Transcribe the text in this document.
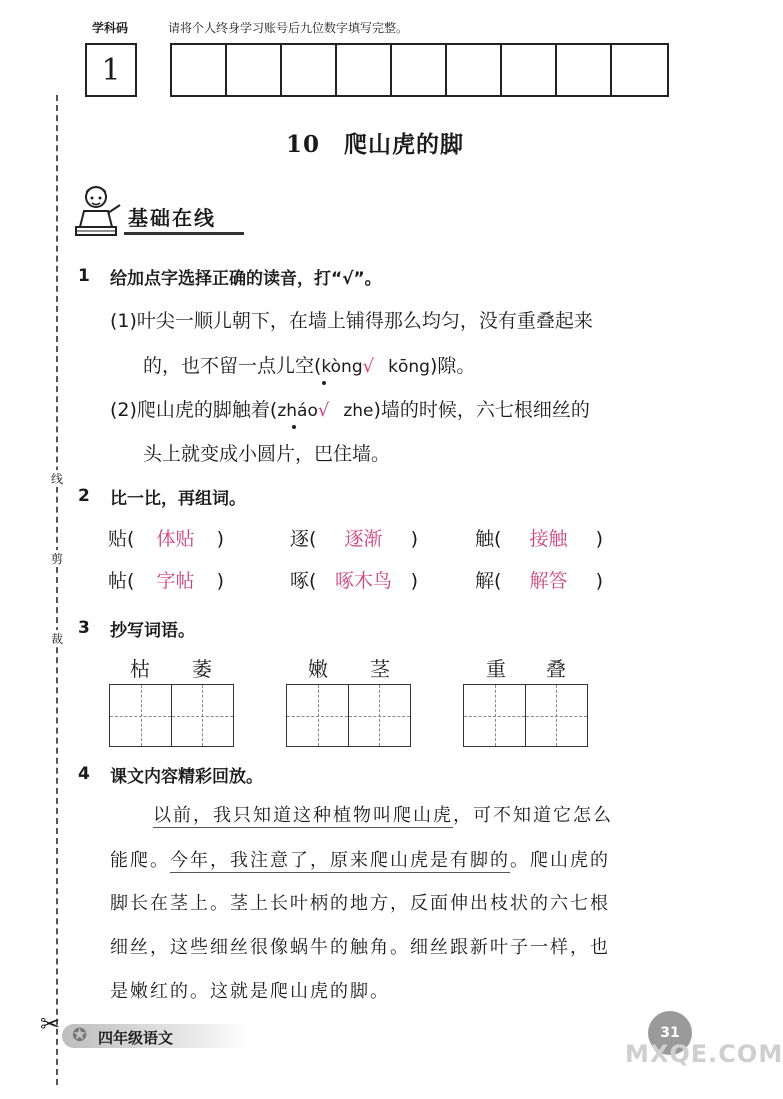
学科码	请将个人终身学习账号后九位数字填写完整。
1
线
剪
裁
✂
10　爬山虎的脚
基础在线
1 给加点字选择正确的读音，打“√”。
(1)叶尖一顺儿朝下，在墙上铺得那么均匀，没有重叠起来
的，也不留一点儿空(kòng√ kōng)隙。
(2)爬山虎的脚触着(zháo√ zhe)墙的时候，六七根细丝的
头上就变成小圆片，巴住墙。
2 比一比，再组词。
贴( 体贴 )	逐( 逐渐 )	触( 接触 )
帖( 字帖 )	啄( 啄木鸟 )	解( 解答 )
3 抄写词语。
枯 萎	嫩 茎	重 叠
4 课文内容精彩回放。
以前，我只知道这种植物叫爬山虎，可不知道它怎么
能爬。今年，我注意了，原来爬山虎是有脚的。爬山虎的
脚长在茎上。茎上长叶柄的地方，反面伸出枝状的六七根
细丝，这些细丝很像蜗牛的触角。细丝跟新叶子一样，也
是嫩红的。这就是爬山虎的脚。
✪ 四年级语文	31
MXQE.COM
